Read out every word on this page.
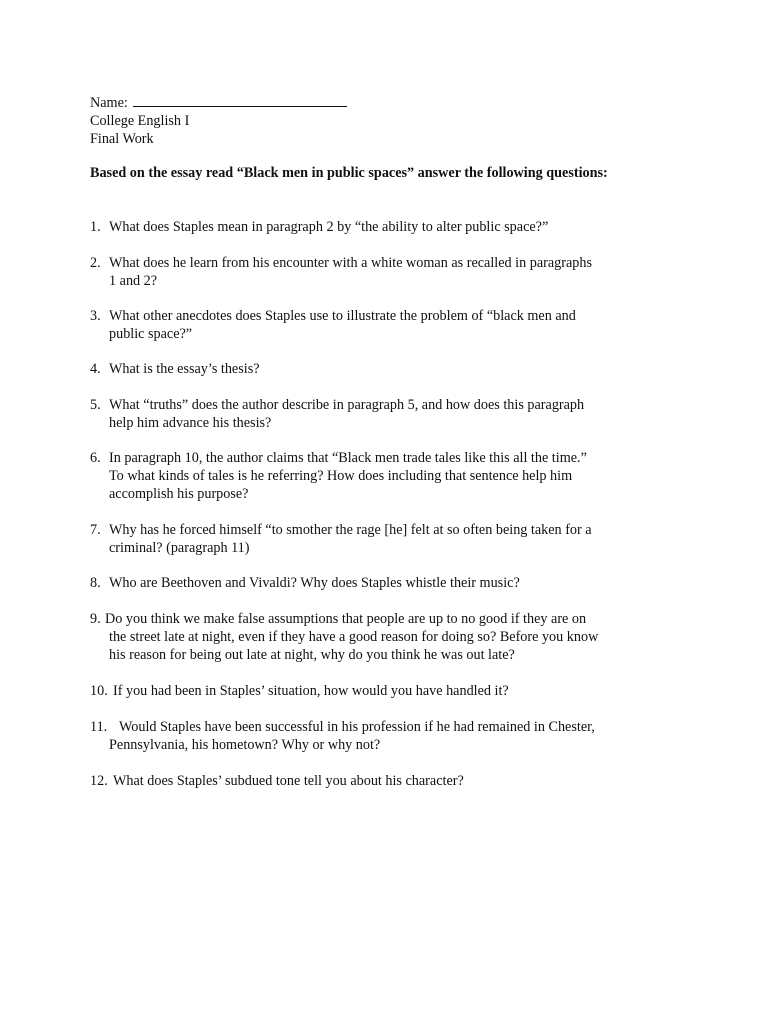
Name:
College English I
Final Work
Based on the essay read “Black men in public spaces” answer the following questions:
1. What does Staples mean in paragraph 2 by “the ability to alter public space?”
2. What does he learn from his encounter with a white woman as recalled in paragraphs
1 and 2?
3. What other anecdotes does Staples use to illustrate the problem of “black men and
public space?”
4. What is the essay’s thesis?
5. What “truths” does the author describe in paragraph 5, and how does this paragraph
help him advance his thesis?
6. In paragraph 10, the author claims that “Black men trade tales like this all the time.”
To what kinds of tales is he referring? How does including that sentence help him
accomplish his purpose?
7. Why has he forced himself “to smother the rage [he] felt at so often being taken for a
criminal? (paragraph 11)
8. Who are Beethoven and Vivaldi? Why does Staples whistle their music?
9. Do you think we make false assumptions that people are up to no good if they are on
the street late at night, even if they have a good reason for doing so? Before you know
his reason for being out late at night, why do you think he was out late?
10. If you had been in Staples’ situation, how would you have handled it?
11. Would Staples have been successful in his profession if he had remained in Chester,
Pennsylvania, his hometown? Why or why not?
12. What does Staples’ subdued tone tell you about his character?
